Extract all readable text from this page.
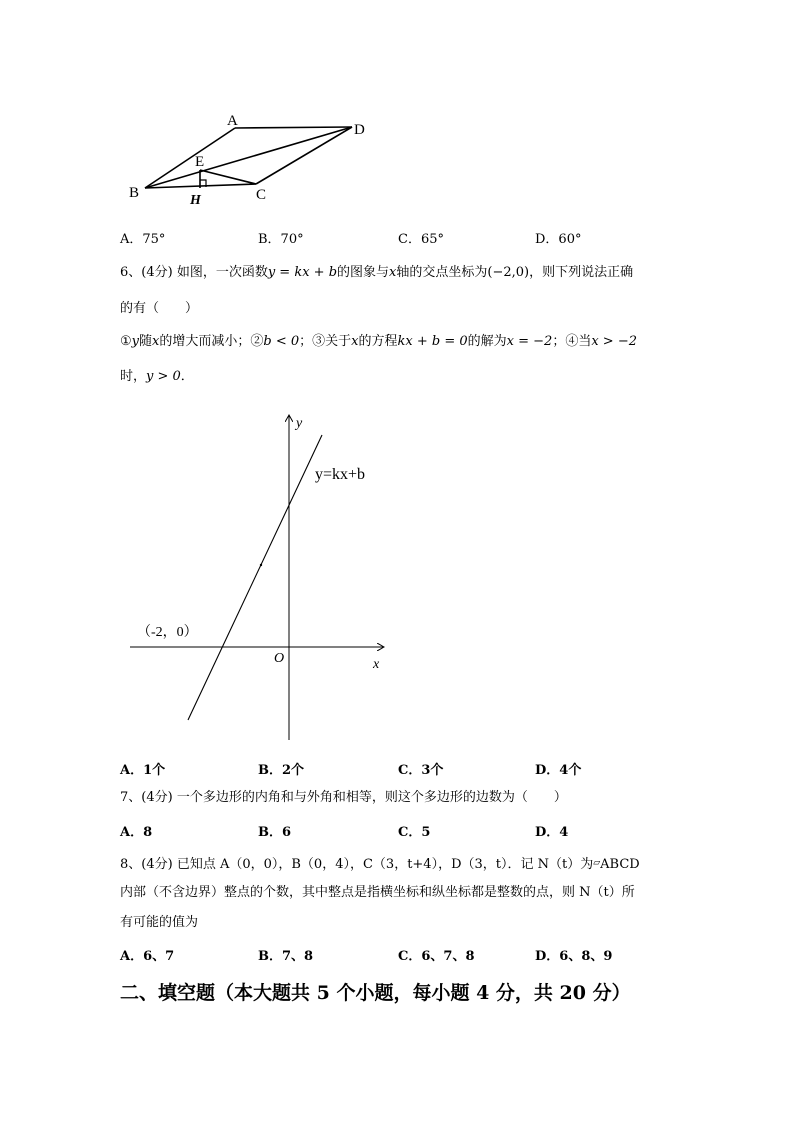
A
D
E
B	C
H
A．75°	B．70°	C．65°	D．60°
6、(4分) 如图，一次函数y = kx + b的图象与x轴的交点坐标为(−2,0)，则下列说法正确
的有（　　）
①y随x的增大而减小；②b < 0；③关于x的方程kx + b = 0的解为x = −2；④当x > −2
时，y > 0．
y
x
O
y=kx+b
（-2，0）
A．1个	B．2个	C．3个	D．4个
7、(4分) 一个多边形的内角和与外角和相等，则这个多边形的边数为（　　）
A．8	B．6	C．5	D．4
8、(4分) 已知点 A（0，0），B（0，4），C（3，t+4），D（3，t）．记 N（t）为▱ABCD
内部（不含边界）整点的个数，其中整点是指横坐标和纵坐标都是整数的点，则 N（t）所
有可能的值为
A．6、7	B．7、8	C．6、7、8	D．6、8、9
二、填空题（本大题共 5 个小题，每小题 4 分，共 20 分）
